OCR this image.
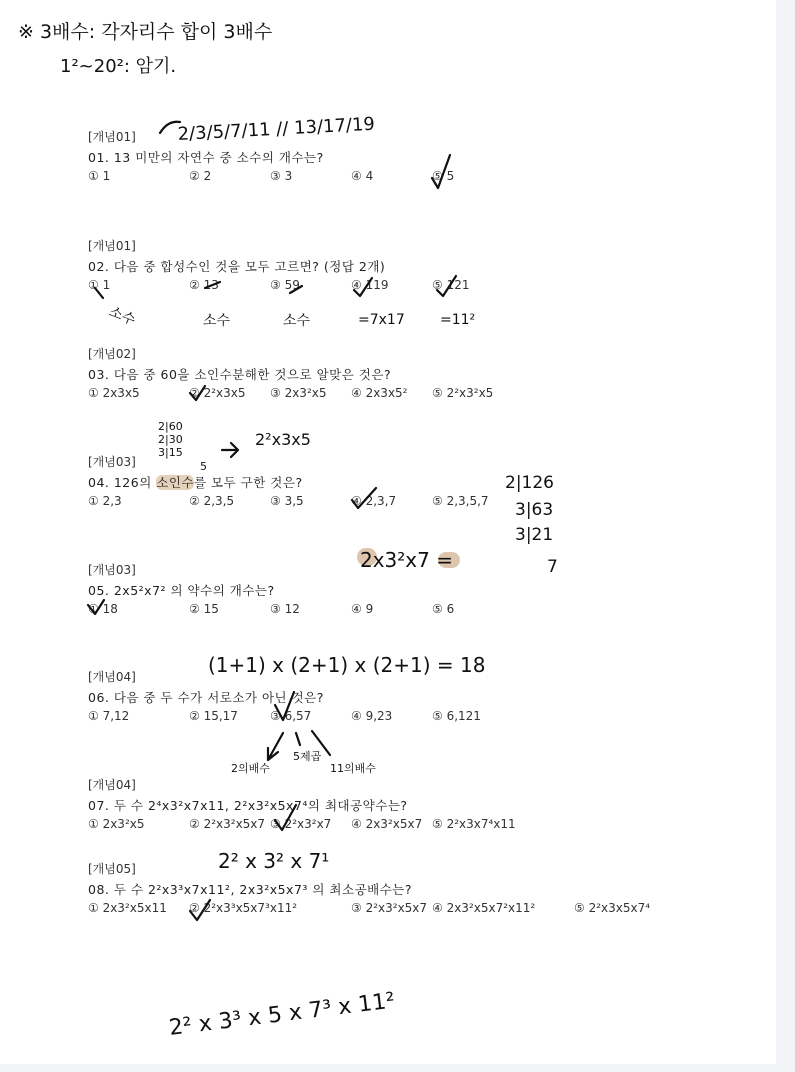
[개념01]
01. 13 미만의 자연수 중 소수의 개수는?
① 1	② 2	③ 3	④ 4	⑤ 5
[개념01]
02. 다음 중 합성수인 것을 모두 고르면? (정답 2개)
① 1	② 13	③ 59	④ 119	⑤ 121
[개념02]
03. 다음 중 60을 소인수분해한 것으로 알맞은 것은?
① 2x3x5	② 2²x3x5 ③ 2x3²x5 ④ 2x3x5² ⑤ 2²x3²x5
[개념03]
04. 126의 소인수를 모두 구한 것은?
① 2,3	② 2,3,5	③ 3,5	④ 2,3,7	⑤ 2,3,5,7
[개념03]
05. 2x5²x7² 의 약수의 개수는?
① 18	② 15	③ 12	④ 9	⑤ 6
[개념04]
06. 다음 중 두 수가 서로소가 아닌 것은?
① 7,12	② 15,17	③ 6,57	④ 9,23	⑤ 6,121
[개념04]
07. 두 수 2⁴x3²x7x11, 2²x3²x5x7⁴의 최대공약수는?
① 2x3²x5	② 2²x3²x5x7 ③ 2²x3²x7 ④ 2x3²x5x7 ⑤ 2²x3x7⁴x11
[개념05]
08. 두 수 2²x3³x7x11², 2x3²x5x7³ 의 최소공배수는?
① 2x3²x5x11 ② 2²x3³x5x7³x11²	③ 2²x3²x5x7 ④ 2x3²x5x7²x11²	⑤ 2²x3x5x7⁴
※ 3배수: 각자리수 합이 3배수
1²~20²: 암기.
2/3/5/7/11 // 13/17/19
소수	소수	소수	=7x17	=11²
2|60
2|30
3|15
5
2²x3x5
2|126
3|63
3|21
7
2x3²x7 =
(1+1) x (2+1) x (2+1) = 18
2의배수
5제곱
11의배수
2² x 3² x 7¹
2² x 3³ x 5 x 7³ x 11²
